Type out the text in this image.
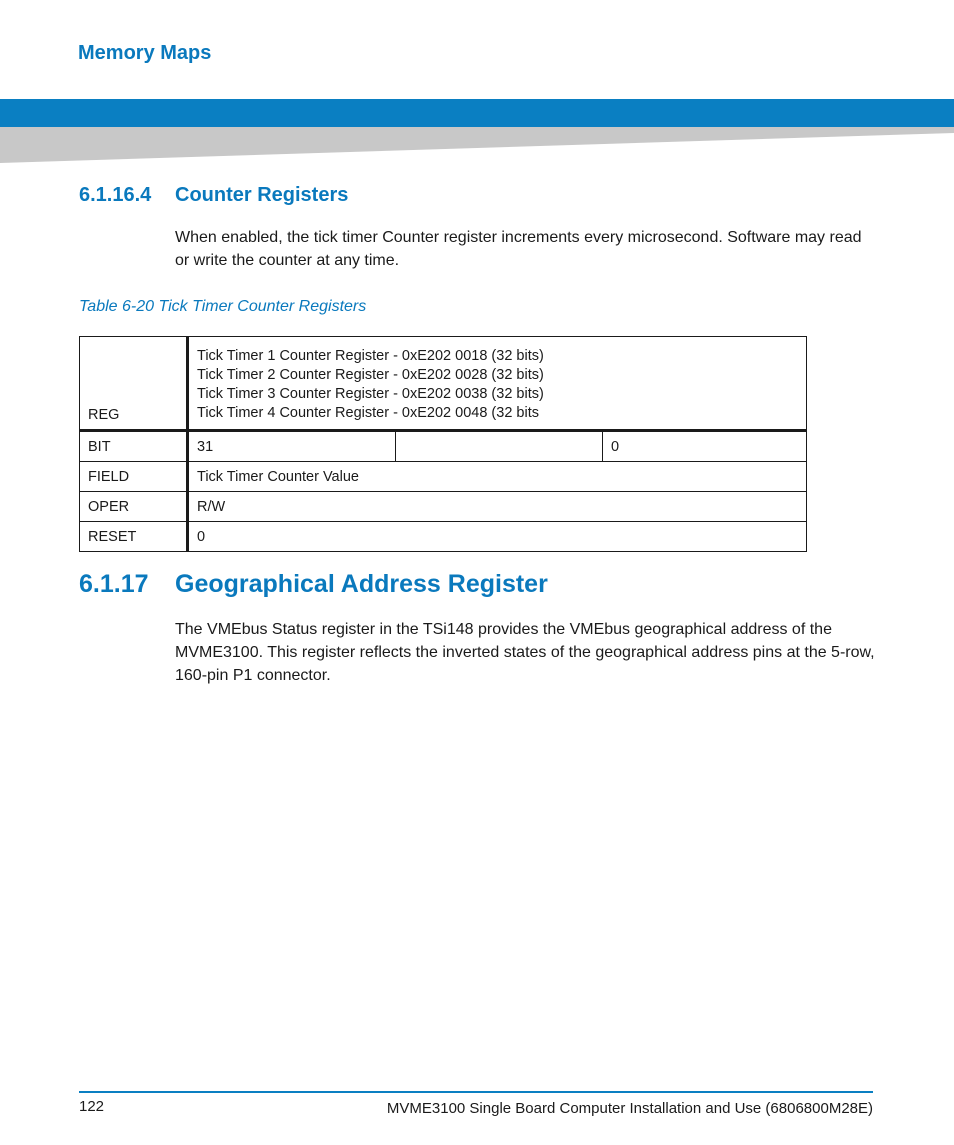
Memory Maps
6.1.16.4 Counter Registers
When enabled, the tick timer Counter register increments every microsecond. Software may read or write the counter at any time.
Table 6-20 Tick Timer Counter Registers
REG	Tick Timer 1 Counter Register - 0xE202 0018 (32 bits)
Tick Timer 2 Counter Register - 0xE202 0028 (32 bits)
Tick Timer 3 Counter Register - 0xE202 0038 (32 bits)
Tick Timer 4 Counter Register - 0xE202 0048 (32 bits		

BIT	31		0
FIELD	Tick Timer Counter Value		
OPER	R/W		
RESET	0		
6.1.17 Geographical Address Register
The VMEbus Status register in the TSi148 provides the VMEbus geographical address of the MVME3100. This register reflects the inverted states of the geographical address pins at the 5-row, 160-pin P1 connector.
122	MVME3100 Single Board Computer Installation and Use (6806800M28E)
